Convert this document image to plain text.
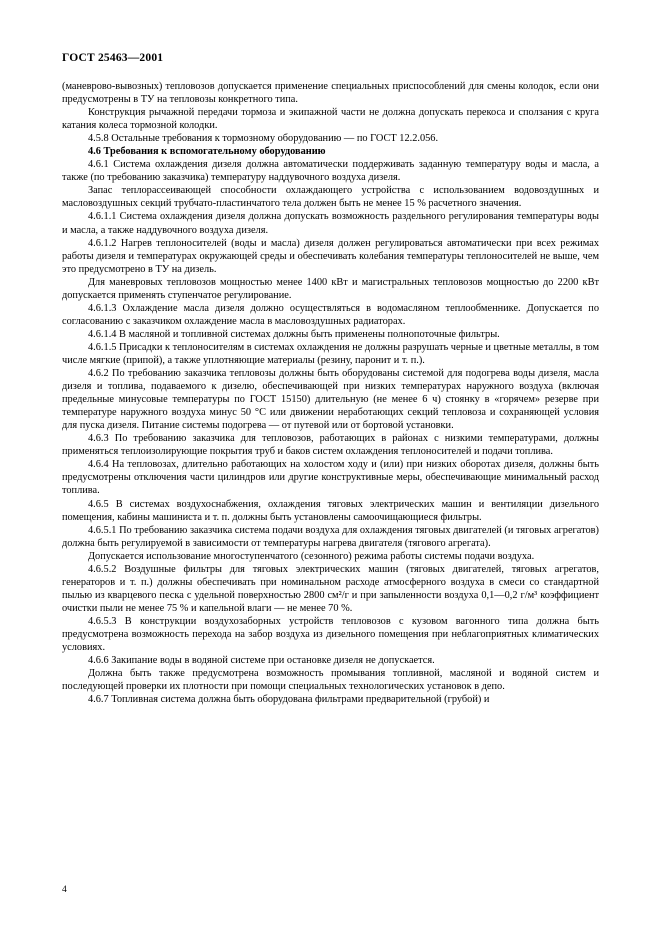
ГОСТ 25463—2001

(маневрово-вывозных) тепловозов допускается применение специальных приспособлений для смены колодок, если они предусмотрены в ТУ на тепловозы конкретного типа.

Конструкция рычажной передачи тормоза и экипажной части не должна допускать перекоса и сползания с круга катания колеса тормозной колодки.

4.5.8 Остальные требования к тормозному оборудованию — по ГОСТ 12.2.056.

4.6 Требования к вспомогательному оборудованию

4.6.1 Система охлаждения дизеля должна автоматически поддерживать заданную температуру воды и масла, а также (по требованию заказчика) температуру наддувочного воздуха дизеля.

Запас теплорассеивающей способности охлаждающего устройства с использованием водовоздушных и масловоздушных секций трубчато-пластинчатого тела должен быть не менее 15 % расчетного значения.

4.6.1.1 Система охлаждения дизеля должна допускать возможность раздельного регулирования температуры воды и масла, а также наддувочного воздуха дизеля.

4.6.1.2 Нагрев теплоносителей (воды и масла) дизеля должен регулироваться автоматически при всех режимах работы дизеля и температурах окружающей среды и обеспечивать колебания температуры теплоносителей не выше, чем это предусмотрено в ТУ на дизель.

Для маневровых тепловозов мощностью менее 1400 кВт и магистральных тепловозов мощностью до 2200 кВт допускается применять ступенчатое регулирование.

4.6.1.3 Охлаждение масла дизеля должно осуществляться в водомасляном теплообменнике. Допускается по согласованию с заказчиком охлаждение масла в масловоздушных радиаторах.

4.6.1.4 В масляной и топливной системах должны быть применены полнопоточные фильтры.

4.6.1.5 Присадки к теплоносителям в системах охлаждения не должны разрушать черные и цветные металлы, в том числе мягкие (припой), а также уплотняющие материалы (резину, паронит и т. п.).

4.6.2 По требованию заказчика тепловозы должны быть оборудованы системой для подогрева воды дизеля, масла дизеля и топлива, подаваемого к дизелю, обеспечивающей при низких температурах наружного воздуха (включая предельные минусовые температуры по ГОСТ 15150) длительную (не менее 6 ч) стоянку в «горячем» резерве при температуре наружного воздуха минус 50 °С или движении неработающих секций тепловоза и сохраняющей условия для пуска дизеля. Питание системы подогрева — от путевой или от бортовой установки.

4.6.3 По требованию заказчика для тепловозов, работающих в районах с низкими температурами, должны применяться теплоизолирующие покрытия труб и баков систем охлаждения теплоносителей и подачи топлива.

4.6.4 На тепловозах, длительно работающих на холостом ходу и (или) при низких оборотах дизеля, должны быть предусмотрены отключения части цилиндров или другие конструктивные меры, обеспечивающие минимальный расход топлива.

4.6.5 В системах воздухоснабжения, охлаждения тяговых электрических машин и вентиляции дизельного помещения, кабины машиниста и т. п. должны быть установлены самоочищающиеся фильтры.

4.6.5.1 По требованию заказчика система подачи воздуха для охлаждения тяговых двигателей (и тяговых агрегатов) должна быть регулируемой в зависимости от температуры нагрева двигателя (тягового агрегата).

Допускается использование многоступенчатого (сезонного) режима работы системы подачи воздуха.

4.6.5.2 Воздушные фильтры для тяговых электрических машин (тяговых двигателей, тяговых агрегатов, генераторов и т. п.) должны обеспечивать при номинальном расходе атмосферного воздуха в смеси со стандартной пылью из кварцевого песка с удельной поверхностью 2800 см²/г и при запыленности воздуха 0,1—0,2 г/м³ коэффициент очистки пыли не менее 75 % и капельной влаги — не менее 70 %.

4.6.5.3 В конструкции воздухозаборных устройств тепловозов с кузовом вагонного типа должна быть предусмотрена возможность перехода на забор воздуха из дизельного помещения при неблагоприятных климатических условиях.

4.6.6 Закипание воды в водяной системе при остановке дизеля не допускается.

Должна быть также предусмотрена возможность промывания топливной, масляной и водяной систем и последующей проверки их плотности при помощи специальных технологических установок в депо.

4.6.7 Топливная система должна быть оборудована фильтрами предварительной (грубой) и

4
